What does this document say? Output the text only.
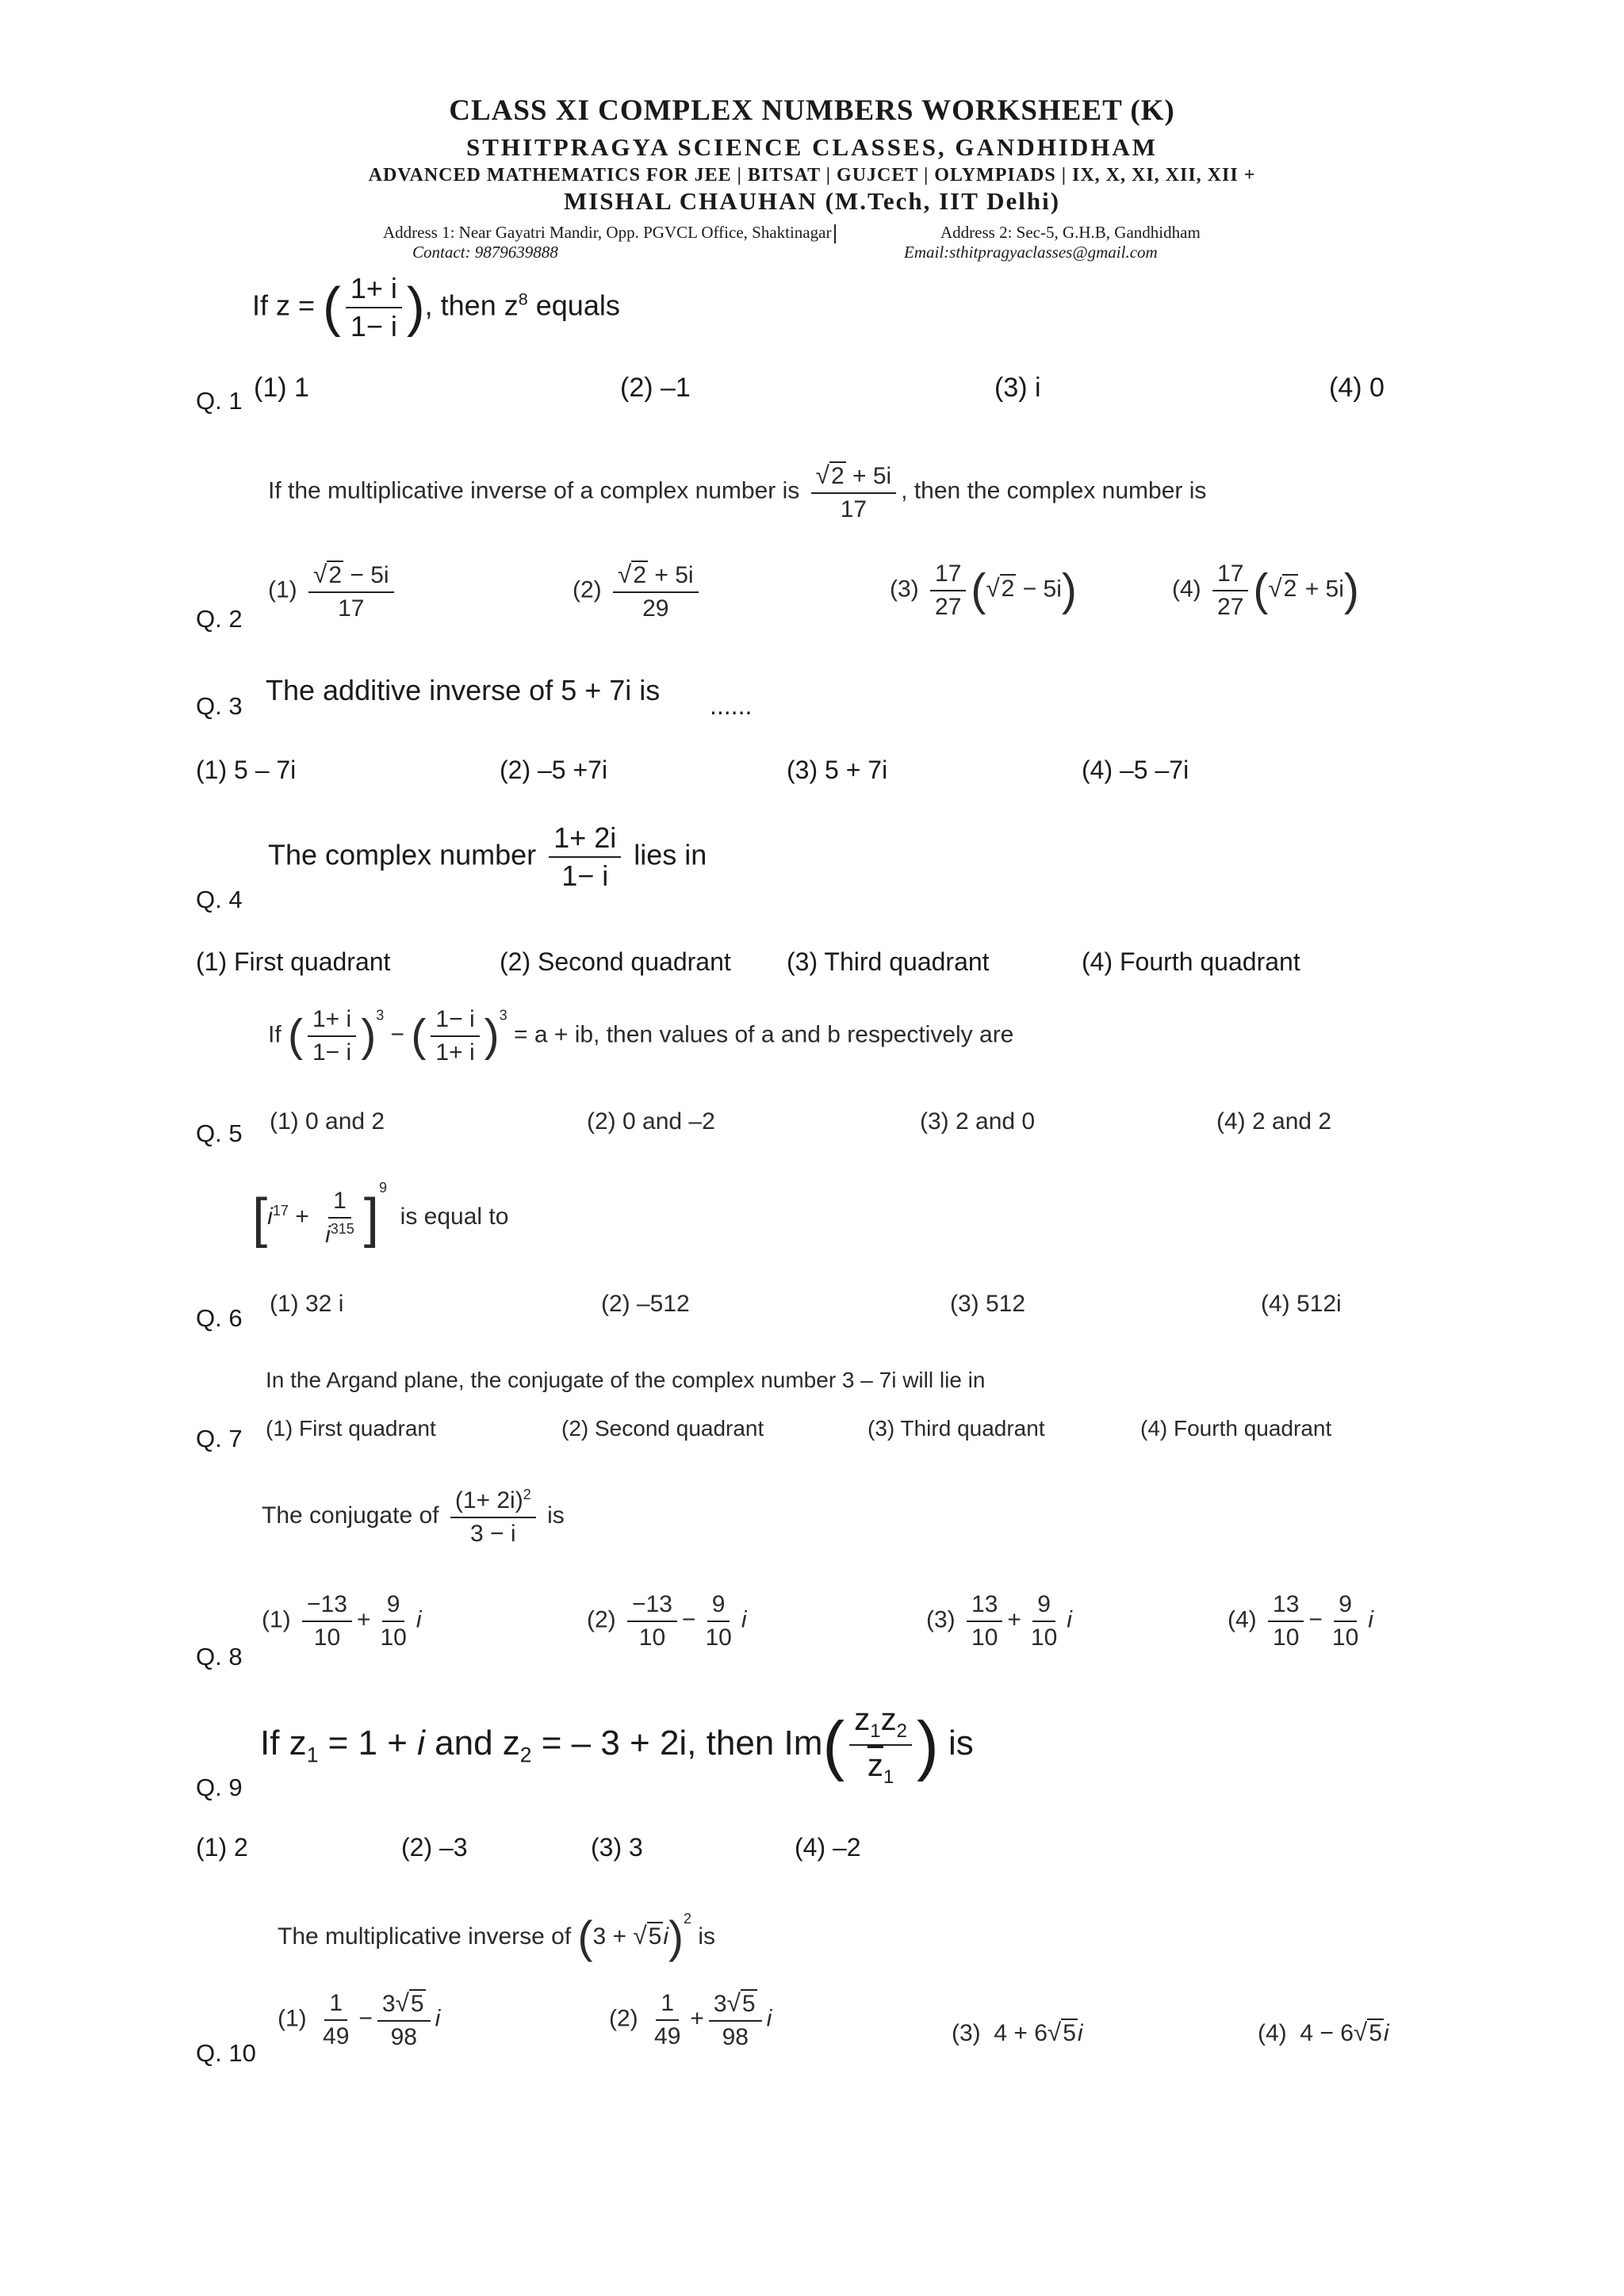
CLASS XI COMPLEX NUMBERS WORKSHEET (K)
STHITPRAGYA SCIENCE CLASSES, GANDHIDHAM
ADVANCED MATHEMATICS FOR JEE | BITSAT | GUJCET | OLYMPIADS | IX, X, XI, XII, XII +
MISHAL CHAUHAN (M.Tech, IIT Delhi)
Address 1: Near Gayatri Mandir, Opp. PGVCL Office, Shaktinagar	Address 2: Sec-5, G.H.B, Gandhidham
Contact: 9879639888	Email:sthitpragyaclasses@gmail.com
If z = ( $\frac{1+ i}{1- i}$ ), then $z^8$ equals
Q. 1 (1) 1	(2) –1	(3) i	(4) 0
If the multiplicative inverse of a complex number is $\frac{√2 + 5i}{17}$ , then the complex number is
Q. 2
$(1) \frac{√2 - 5i}{17}$	$(2) \frac{√2 + 5i}{29}$	$(3) \frac{17}{27} (√2 - 5i)$	$(4) \frac{17}{27} (√2 + 5i)$
The additive inverse of 5 + 7i is ......
Q. 3
(1) 5 – 7i	(2) –5 +7i	(3) 5 + 7i	(4) –5 –7i
The complex number $\frac{1+ 2i}{1- i}$ lies in
Q. 4
(1) First quadrant	(2) Second quadrant (3) Third quadrant	(4) Fourth quadrant
If ( $\frac{1+ i}{1- i} )^3$ − ( $\frac{1- i}{1+ i} )^3 = a$ + ib, then values of a and b respectively are
Q. 5 (1) 0 and 2	(2) 0 and –2	(3) 2 and 0	(4) 2 and 2
$[i^{17} + \frac{1}{i^{315}} ]^9$  is equal to
Q. 6
(1) 32 i	(2) –512	(3) 512	(4) 512i
In the Argand plane, the conjugate of the complex number 3 – 7i will lie in
Q. 7 (1) First quadrant	(2) Second quadrant	(3) Third quadrant	(4) Fourth quadrant
The conjugate of $\frac{(1+ 2i)^2}{3 - i}$ is
Q. 8
$(1) \frac{-13}{10} + \frac{9}{10}$ i	$(2) \frac{-13}{10} - \frac{9}{10}$ i	$(3) \frac{13}{10} + \frac{9}{10}$ i	$(4) \frac{13}{10} - \frac{9}{10}$ i
If $z_1 = 1 + i$ and $z_2$ = – 3 + 2i, then $Im( \frac{z_1z_2}{\overline{z}_1}$ ) is
Q. 9
(1) 2	(2) –3	(3) 3	(4) –2
The multiplicative inverse of $(3 + √5i)^2$ is
Q. 10
$(1) \frac{1}{49} - \frac{3√5}{98}$ i	$(2) \frac{1}{49} + \frac{3√5}{98}$ i
(3) 4 + 6√5i	(4) 4 − 6√5i
